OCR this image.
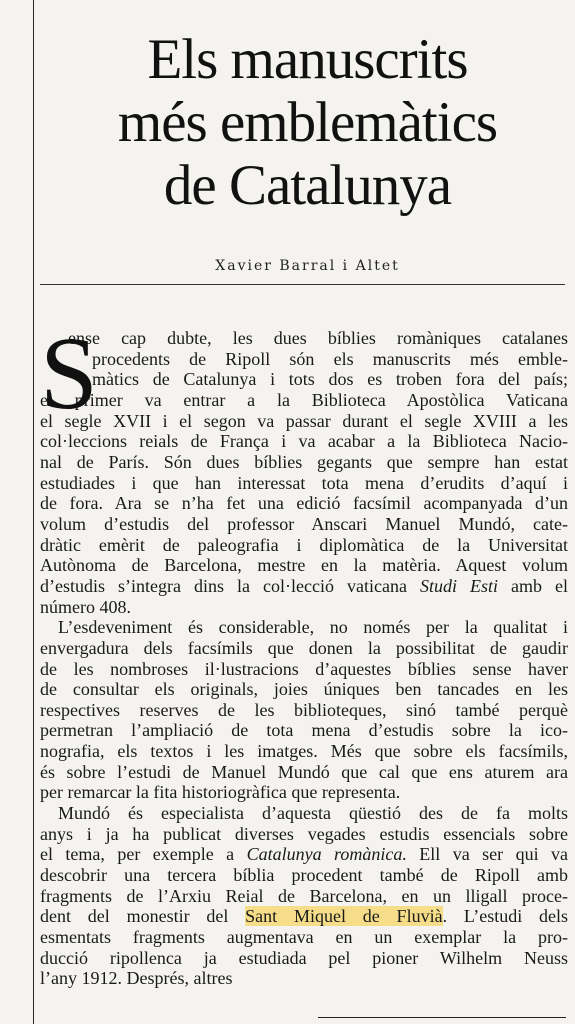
Els manuscrits
més emblemàtics
de Catalunya
Xavier Barral i Altet
S
ense cap dubte, les dues bíblies romàniques catalanes
procedents de Ripoll són els manuscrits més emble-
màtics de Catalunya i tots dos es troben fora del país;
el primer va entrar a la Biblioteca Apostòlica Vaticana
el segle XVII i el segon va passar durant el segle XVIII a les
col·leccions reials de França i va acabar a la Biblioteca Nacio-
nal de París. Són dues bíblies gegants que sempre han estat
estudiades i que han interessat tota mena d’erudits d’aquí i
de fora. Ara se n’ha fet una edició facsímil acompanyada d’un
volum d’estudis del professor Anscari Manuel Mundó, cate-
dràtic emèrit de paleografia i diplomàtica de la Universitat
Autònoma de Barcelona, mestre en la matèria. Aquest volum
d’estudis s’integra dins la col·lecció vaticana Studi Esti amb el
número 408.
L’esdeveniment és considerable, no només per la qualitat i
envergadura dels facsímils que donen la possibilitat de gaudir
de les nombroses il·lustracions d’aquestes bíblies sense haver
de consultar els originals, joies úniques ben tancades en les
respectives reserves de les biblioteques, sinó també perquè
permetran l’ampliació de tota mena d’estudis sobre la ico-
nografia, els textos i les imatges. Més que sobre els facsímils,
és sobre l’estudi de Manuel Mundó que cal que ens aturem ara
per remarcar la fita historiogràfica que representa.
Mundó és especialista d’aquesta qüestió des de fa molts
anys i ja ha publicat diverses vegades estudis essencials sobre
el tema, per exemple a Catalunya romànica. Ell va ser qui va
descobrir una tercera bíblia procedent també de Ripoll amb
fragments de l’Arxiu Reial de Barcelona, en un lligall proce-
dent del monestir del Sant Miquel de Fluvià. L’estudi dels
esmentats fragments augmentava en un exemplar la pro-
ducció ripollenca ja estudiada pel pioner Wilhelm Neuss
l’any 1912. Després, altres
